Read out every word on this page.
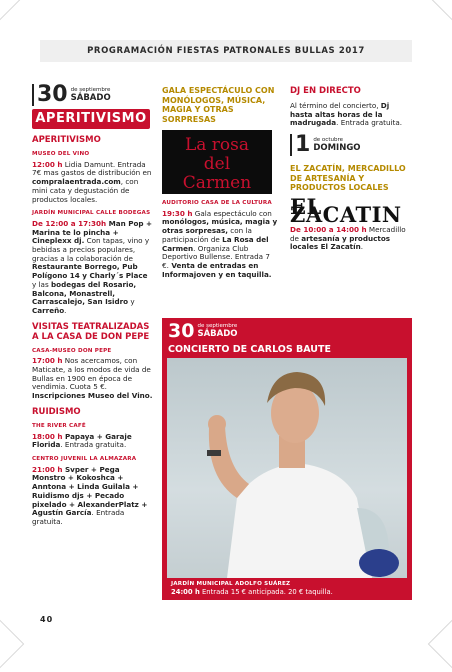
PROGRAMACIÓN FIESTAS PATRONALES BULLAS 2017
30 de septiembre
SÁBADO
APERITIVISMO
APERITIVISMO
MUSEO DEL VINO
12:00 h Lidia Damunt. Entrada 7€ mas gastos de distribución en compralaentrada.com, con mini cata y degustación de productos locales.
JARDÍN MUNICIPAL CALLE BODEGAS
De 12:00 a 17:30h Man Pop + Marina te lo pincha + Cineplexx dj. Con tapas, vino y bebidas a precios populares, gracias a la colaboración de Restaurante Borrego, Pub Polígono 14 y Charly´s Place y las bodegas del Rosario, Balcona, Monastrell, Carrascalejo, San Isidro y Carreño.
VISITAS TEATRALIZADAS A LA CASA DE DON PEPE
CASA-MUSEO DON PEPE
17:00 h Nos acercamos, con Maticate, a los modos de vida de Bullas en 1900 en época de vendimia. Cuota 5 €. Inscripciones Museo del Vino.
RUIDISMO
THE RIVER CAFÉ
18:00 h Papaya + Garaje Florida. Entrada gratuita.
CENTRO JUVENIL LA ALMAZARA
21:00 h Svper + Pega Monstro + Kokoshca + Anntona + Linda Guilala + Ruidismo djs + Pecado pixelado + AlexanderPlatz + Agustín García. Entrada gratuita.
GALA ESPECTÁCULO CON MONÓLOGOS, MÚSICA, MAGIA Y OTRAS SORPRESAS
La rosa
del
Carmen
AUDITORIO CASA DE LA CULTURA
19:30 h Gala espectáculo con monólogos, música, magia y otras sorpresas, con la participación de La Rosa del Carmen. Organiza Club Deportivo Bullense. Entrada 7 €. Venta de entradas en Informajoven y en taquilla.
DJ EN DIRECTO
Al término del concierto, Dj hasta altas horas de la madrugada. Entrada gratuita.
1 de octubre
DOMINGO
EL ZACATÍN, MERCADILLO DE ARTESANÍA Y PRODUCTOS LOCALES
EL ZACATIN
De 10:00 a 14:00 h Mercadillo de artesanía y productos locales El Zacatín.
30 de septiembre
SÁBADO
CONCIERTO DE CARLOS BAUTE
JARDÍN MUNICIPAL ADOLFO SUÁREZ
24:00 h Entrada 15 € anticipada. 20 € taquilla.
40
